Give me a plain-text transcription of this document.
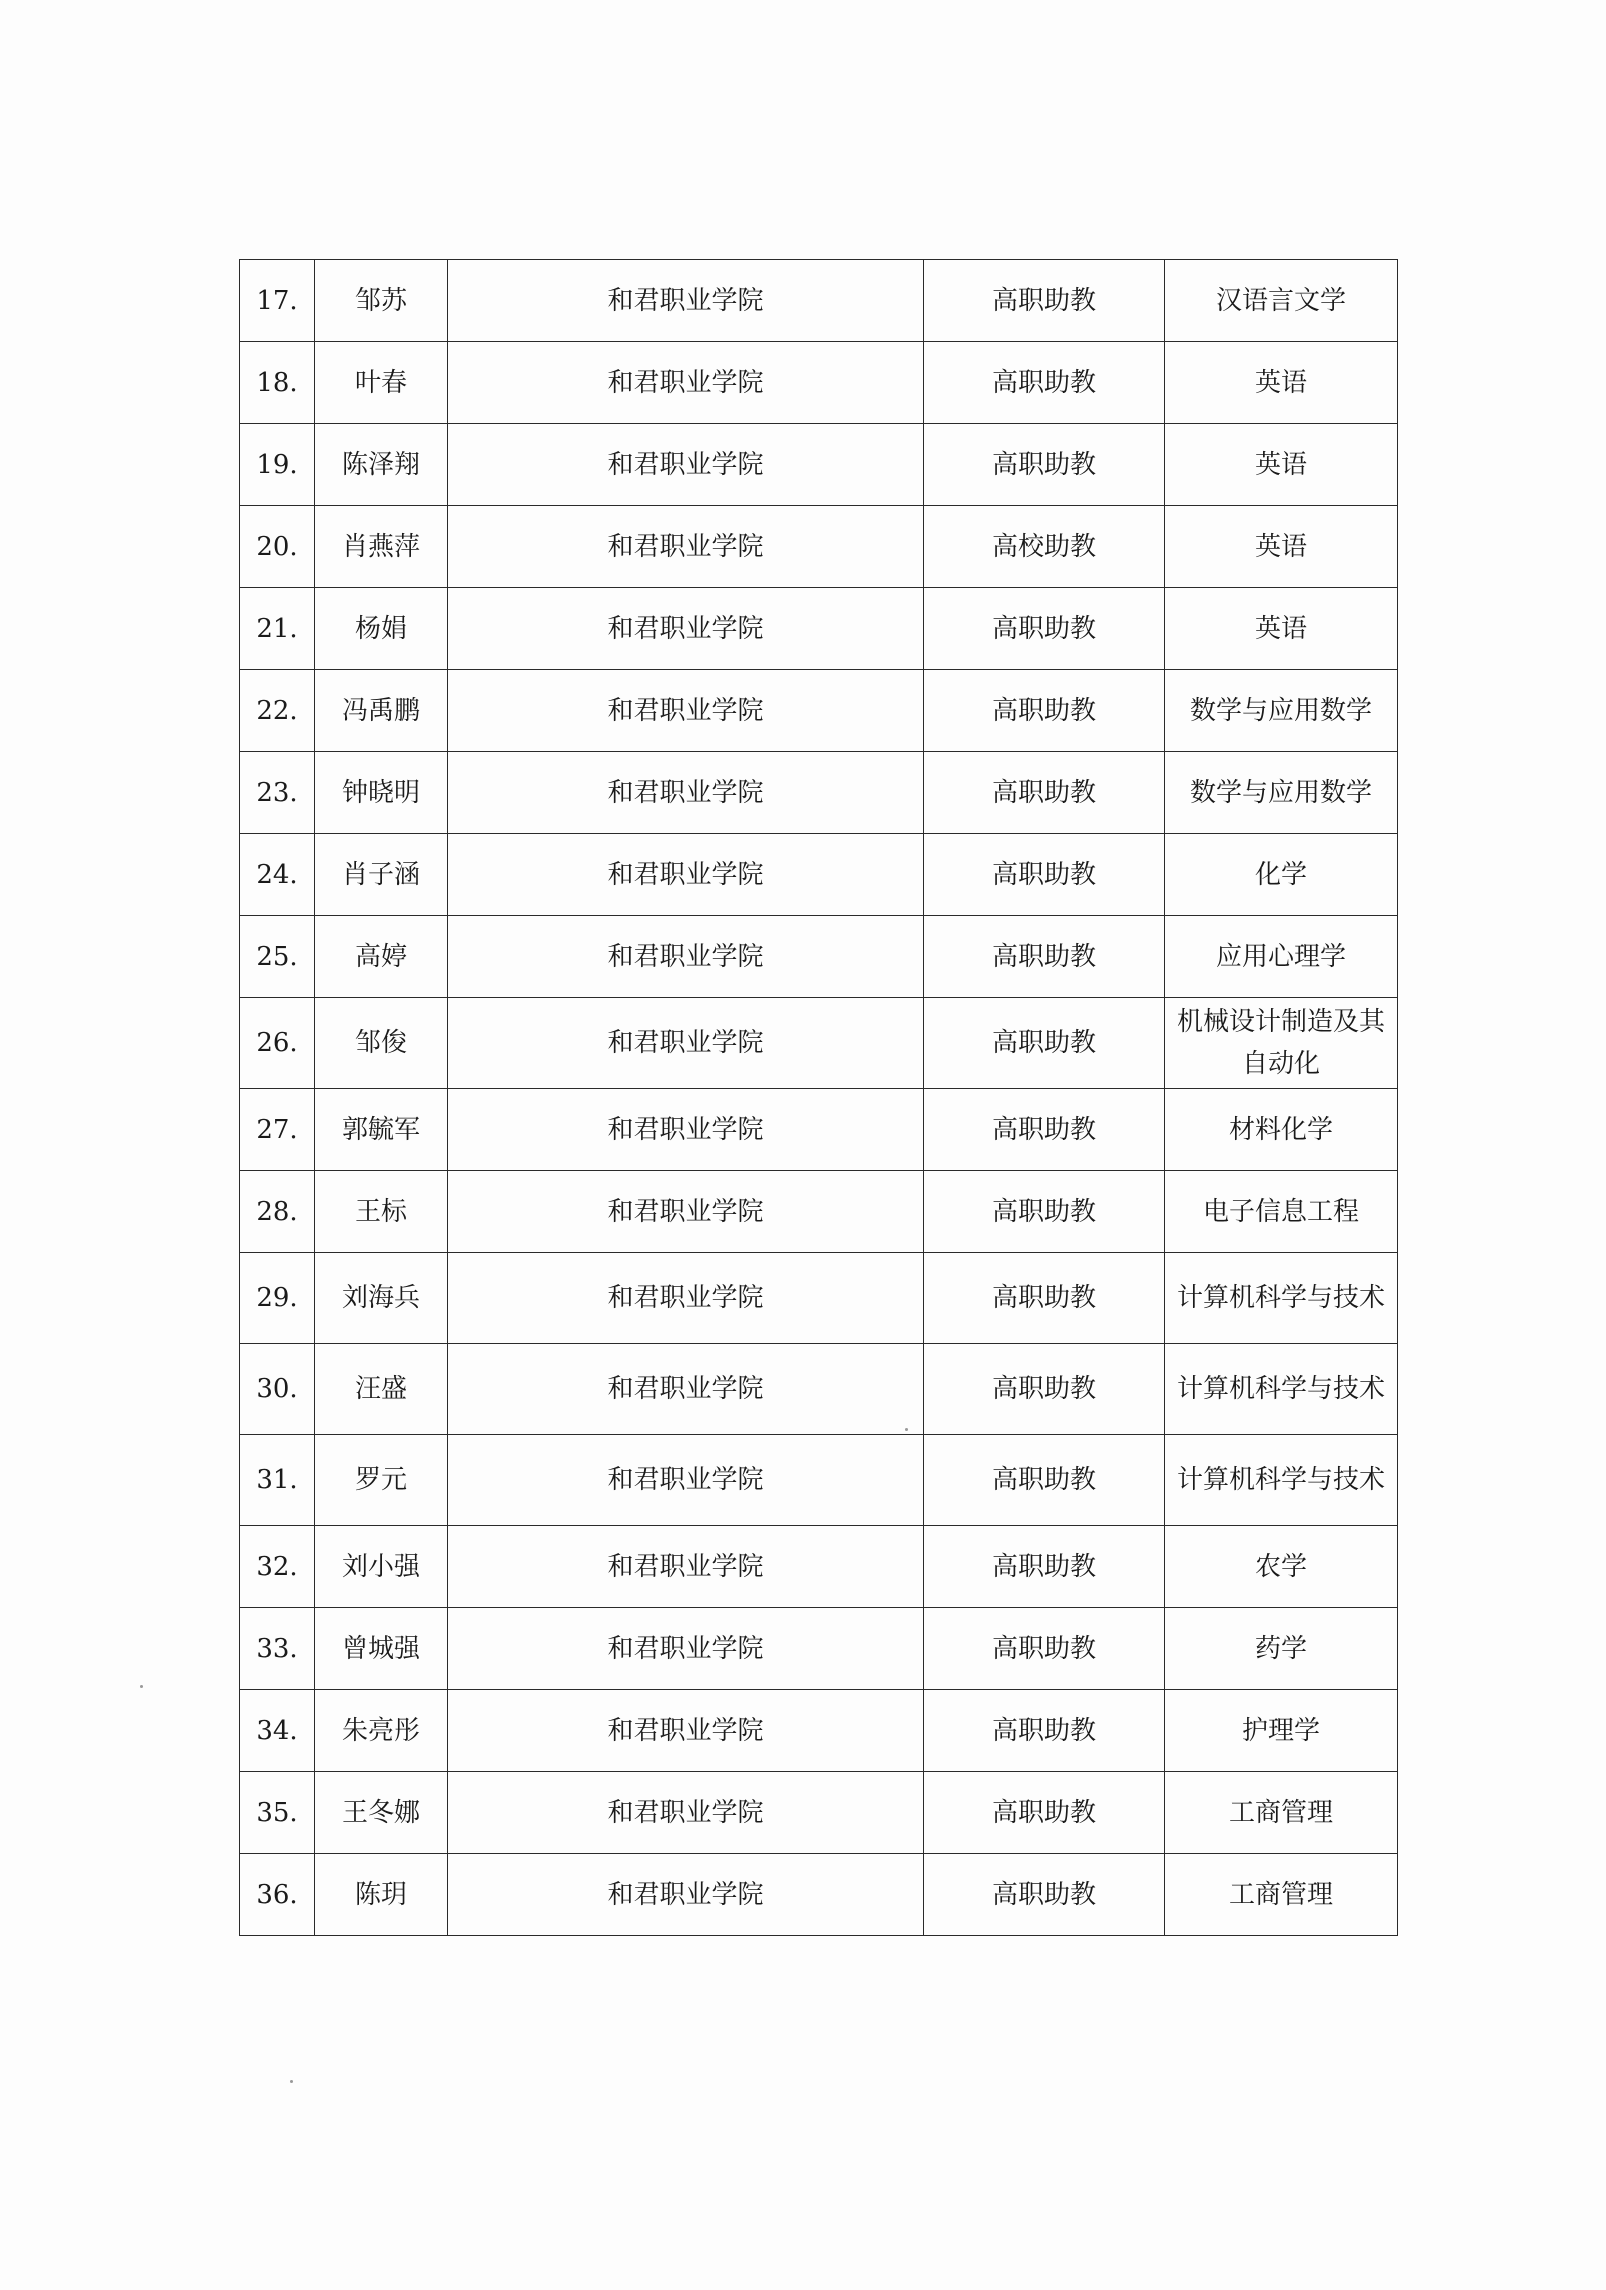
17.	邹苏	和君职业学院	高职助教	汉语言文学
18.	叶春	和君职业学院	高职助教	英语
19.	陈泽翔	和君职业学院	高职助教	英语
20.	肖燕萍	和君职业学院	高校助教	英语
21.	杨娟	和君职业学院	高职助教	英语
22.	冯禹鹏	和君职业学院	高职助教	数学与应用数学
23.	钟晓明	和君职业学院	高职助教	数学与应用数学
24.	肖子涵	和君职业学院	高职助教	化学
25.	高婷	和君职业学院	高职助教	应用心理学
26.	邹俊	和君职业学院	高职助教	机械设计制造及其自动化
27.	郭毓军	和君职业学院	高职助教	材料化学
28.	王标	和君职业学院	高职助教	电子信息工程
29.	刘海兵	和君职业学院	高职助教	计算机科学与技术
30.	汪盛	和君职业学院	高职助教	计算机科学与技术
31.	罗元	和君职业学院	高职助教	计算机科学与技术
32.	刘小强	和君职业学院	高职助教	农学
33.	曾城强	和君职业学院	高职助教	药学
34.	朱亮彤	和君职业学院	高职助教	护理学
35.	王冬娜	和君职业学院	高职助教	工商管理
36.	陈玥	和君职业学院	高职助教	工商管理
